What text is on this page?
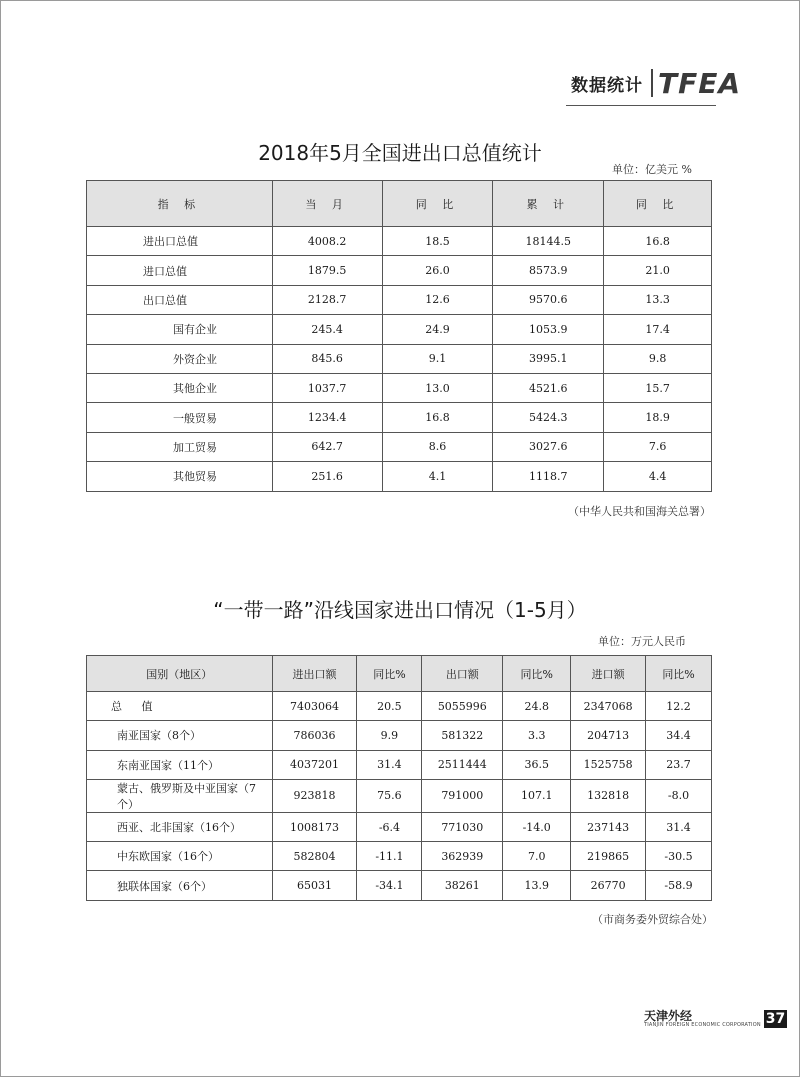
数据统计 TFEA
2018年5月全国进出口总值统计
单位：亿美元 %
指 标	当 月	同 比	累 计	同 比
进出口总值	4008.2	18.5	18144.5	16.8
进口总值	1879.5	26.0	8573.9	21.0
出口总值	2128.7	12.6	9570.6	13.3
国有企业	245.4	24.9	1053.9	17.4
外资企业	845.6	9.1	3995.1	9.8
其他企业	1037.7	13.0	4521.6	15.7
一般贸易	1234.4	16.8	5424.3	18.9
加工贸易	642.7	8.6	3027.6	7.6
其他贸易	251.6	4.1	1118.7	4.4
（中华人民共和国海关总署）
“一带一路”沿线国家进出口情况（1-5月）
单位：万元人民币
国别（地区）	进出口额	同比%	出口额	同比%	进口额	同比%
总 值	7403064	20.5	5055996	24.8	2347068	12.2
南亚国家（8个）	786036	9.9	581322	3.3	204713	34.4
东南亚国家（11个）	4037201	31.4	2511444	36.5	1525758	23.7
蒙古、俄罗斯及中亚国家（7个）	923818	75.6	791000	107.1	132818	-8.0
西亚、北非国家（16个）	1008173	-6.4	771030	-14.0	237143	31.4
中东欧国家（16个）	582804	-11.1	362939	7.0	219865	-30.5
独联体国家（6个）	65031	-34.1	38261	13.9	26770	-58.9
（市商务委外贸综合处）
天津外经
TIANJIN FOREIGN ECONOMIC CORPORATION 37
